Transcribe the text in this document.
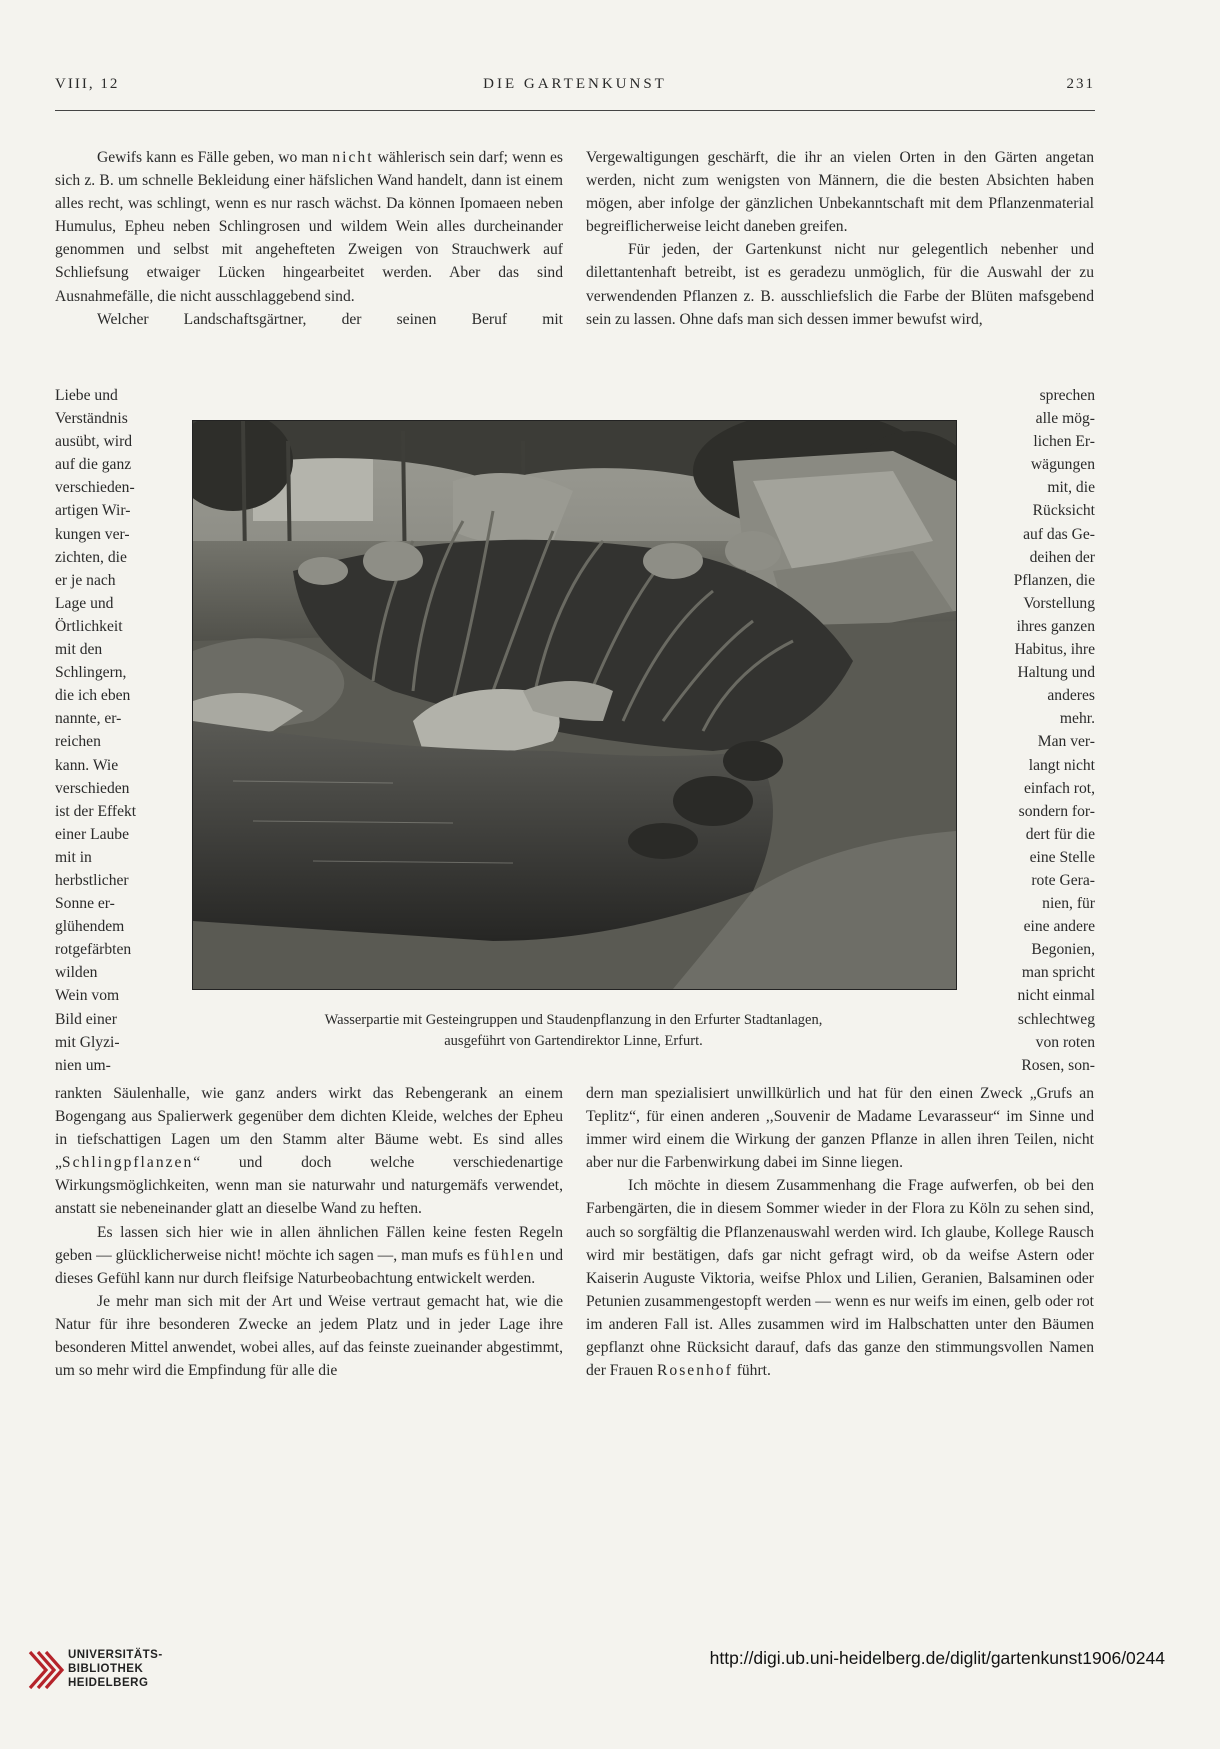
VIII, 12	DIE GARTENKUNST	231

Gewifs kann es Fälle geben, wo man nicht wählerisch sein darf; wenn es sich z. B. um schnelle Bekleidung einer häfslichen Wand handelt, dann ist einem alles recht, was schlingt, wenn es nur rasch wächst. Da können Ipomaeen neben Humulus, Epheu neben Schlingrosen und wildem Wein alles durcheinander genommen und selbst mit angehefteten Zweigen von Strauchwerk auf Schliefsung etwaiger Lücken hingearbeitet werden. Aber das sind Ausnahmefälle, die nicht ausschlaggebend sind.

Welcher Landschaftsgärtner, der seinen Beruf mit

Vergewaltigungen geschärft, die ihr an vielen Orten in den Gärten angetan werden, nicht zum wenigsten von Männern, die die besten Absichten haben mögen, aber infolge der gänzlichen Unbekanntschaft mit dem Pflanzenmaterial begreiflicherweise leicht daneben greifen.

Für jeden, der Gartenkunst nicht nur gelegentlich nebenher und dilettantenhaft betreibt, ist es geradezu unmöglich, für die Auswahl der zu verwendenden Pflanzen z. B. ausschliefslich die Farbe der Blüten mafsgebend sein zu lassen. Ohne dafs man sich dessen immer bewufst wird,

Liebe und
Verständnis
ausübt, wird
auf die ganz
verschieden-
artigen Wir-
kungen ver-
zichten, die
er je nach
Lage und
Örtlichkeit
mit den
Schlingern,
die ich eben
nannte, er-
reichen
kann. Wie
verschieden
ist der Effekt
einer Laube
mit in
herbstlicher
Sonne er-
glühendem
rotgefärbten
wilden
Wein vom
Bild einer
mit Glyzi-
nien um-
sprechen
alle mög-
lichen Er-
wägungen
mit, die
Rücksicht
auf das Ge-
deihen der
Pflanzen, die
Vorstellung
ihres ganzen
Habitus, ihre
Haltung und
anderes
mehr.
Man ver-
langt nicht
einfach rot,
sondern for-
dert für die
eine Stelle
rote Gera-
nien, für
eine andere
Begonien,
man spricht
nicht einmal
schlechtweg
von roten
Rosen, son-
Wasserpartie mit Gesteingruppen und Staudenpflanzung in den Erfurter Stadtanlagen,
ausgeführt von Gartendirektor Linne, Erfurt.

rankten Säulenhalle, wie ganz anders wirkt das Rebengerank an einem Bogengang aus Spalierwerk gegenüber dem dichten Kleide, welches der Epheu in tiefschattigen Lagen um den Stamm alter Bäume webt. Es sind alles „Schlingpflanzen“ und doch welche verschiedenartige Wirkungsmöglichkeiten, wenn man sie naturwahr und naturgemäfs verwendet, anstatt sie nebeneinander glatt an dieselbe Wand zu heften.

Es lassen sich hier wie in allen ähnlichen Fällen keine festen Regeln geben — glücklicherweise nicht! möchte ich sagen —, man mufs es fühlen und dieses Gefühl kann nur durch fleifsige Naturbeobachtung entwickelt werden.

Je mehr man sich mit der Art und Weise vertraut gemacht hat, wie die Natur für ihre besonderen Zwecke an jedem Platz und in jeder Lage ihre besonderen Mittel anwendet, wobei alles, auf das feinste zueinander abgestimmt, um so mehr wird die Empfindung für alle die

dern man spezialisiert unwillkürlich und hat für den einen Zweck „Grufs an Teplitz“, für einen anderen ,,Souvenir de Madame Levarasseur“ im Sinne und immer wird einem die Wirkung der ganzen Pflanze in allen ihren Teilen, nicht aber nur die Farbenwirkung dabei im Sinne liegen.

Ich möchte in diesem Zusammenhang die Frage aufwerfen, ob bei den Farbengärten, die in diesem Sommer wieder in der Flora zu Köln zu sehen sind, auch so sorgfältig die Pflanzenauswahl werden wird. Ich glaube, Kollege Rausch wird mir bestätigen, dafs gar nicht gefragt wird, ob da weifse Astern oder Kaiserin Auguste Viktoria, weifse Phlox und Lilien, Geranien, Balsaminen oder Petunien zusammengestopft werden — wenn es nur weifs im einen, gelb oder rot im anderen Fall ist. Alles zusammen wird im Halbschatten unter den Bäumen gepflanzt ohne Rücksicht darauf, dafs das ganze den stimmungsvollen Namen der Frauen Rosenhof führt.

UNIVERSITÄTS-
BIBLIOTHEK
HEIDELBERG
http://digi.ub.uni-heidelberg.de/diglit/gartenkunst1906/0244
